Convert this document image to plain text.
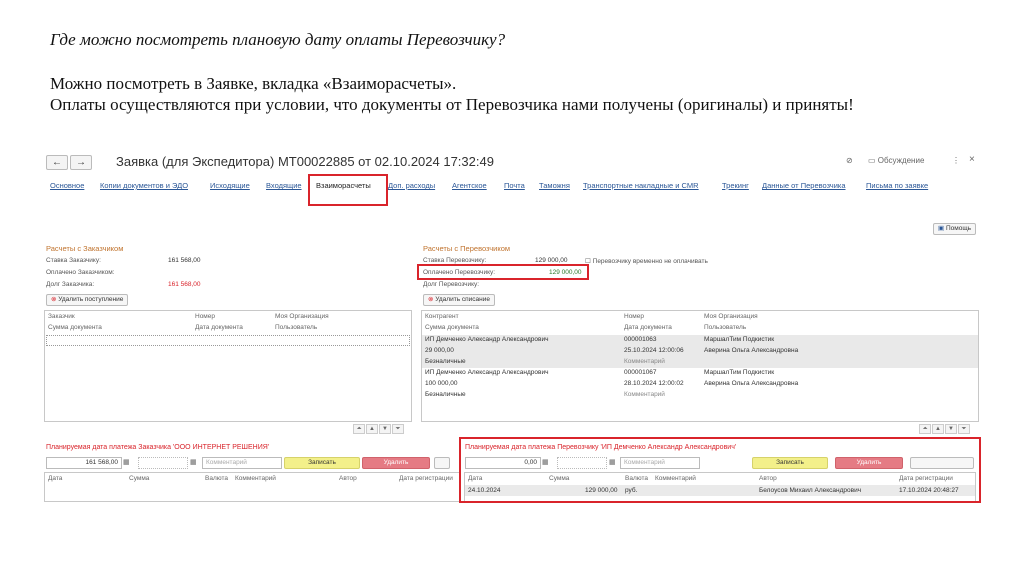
Где можно посмотреть плановую дату оплаты Перевозчику?
Можно посмотреть в Заявке, вкладка «Взаиморасчеты».
Оплаты осуществляются при условии, что документы от Перевозчика нами получены (оригиналы) и приняты!
←	→	Заявка (для Экспедитора) МТ00022885 от 02.10.2024 17:32:49	⊘ ▭ Обсуждение	⋮ ×
Основное Копии документов и ЭДО	Исходящие Входящие Взаиморасчеты Доп. расходы Агентское Почта Таможня Транспортные накладные и CMR	Трекинг Данные от Перевозчика	Письма по заявке
▣ Помощь
Расчеты с Заказчиком
Ставка Заказчику:	161 568,00
Оплачено Заказчиком:
Долг Заказчика:	161 568,00
⊗ Удалить поступление
Заказчик	Номер	Моя Организация
Сумма документа	Дата документа	Пользователь
⏶ ▲ ▼ ⏷
Расчеты с Перевозчиком
Ставка Перевозчику:	129 000,00	☐ Перевозчику временно не оплачивать
Оплачено Перевозчику:	129 000,00
Долг Перевозчику:
⊗ Удалить списание
Контрагент	Номер	Моя Организация
Сумма документа	Дата документа	Пользователь
ИП Демченко Александр Александрович	000001063	МаршалТим Подкистик
29 000,00	25.10.2024 12:00:06	Аверина Ольга Александровна
Безналичные	Комментарий
ИП Демченко Александр Александрович	000001067	МаршалТим Подкистик
100 000,00	28.10.2024 12:00:02	Аверина Ольга Александровна
Безналичные	Комментарий
⏶ ▲ ▼ ⏷
Планируемая дата платежа Заказчика 'ООО ИНТЕРНЕТ РЕШЕНИЯ'
161 568,00 ▦	▦	Комментарий	Записать	Удалить
Дата	Сумма	Валюта Комментарий	Автор	Дата регистрации
Планируемая дата платежа Перевозчику 'ИП Демченко Александр Александрович'
0,00 ▦	▦	Комментарий	Записать	Удалить
Дата	Сумма	Валюта Комментарий	Автор	Дата регистрации
24.10.2024	129 000,00 руб.	Белоусов Михаил Александрович	17.10.2024 20:48:27
